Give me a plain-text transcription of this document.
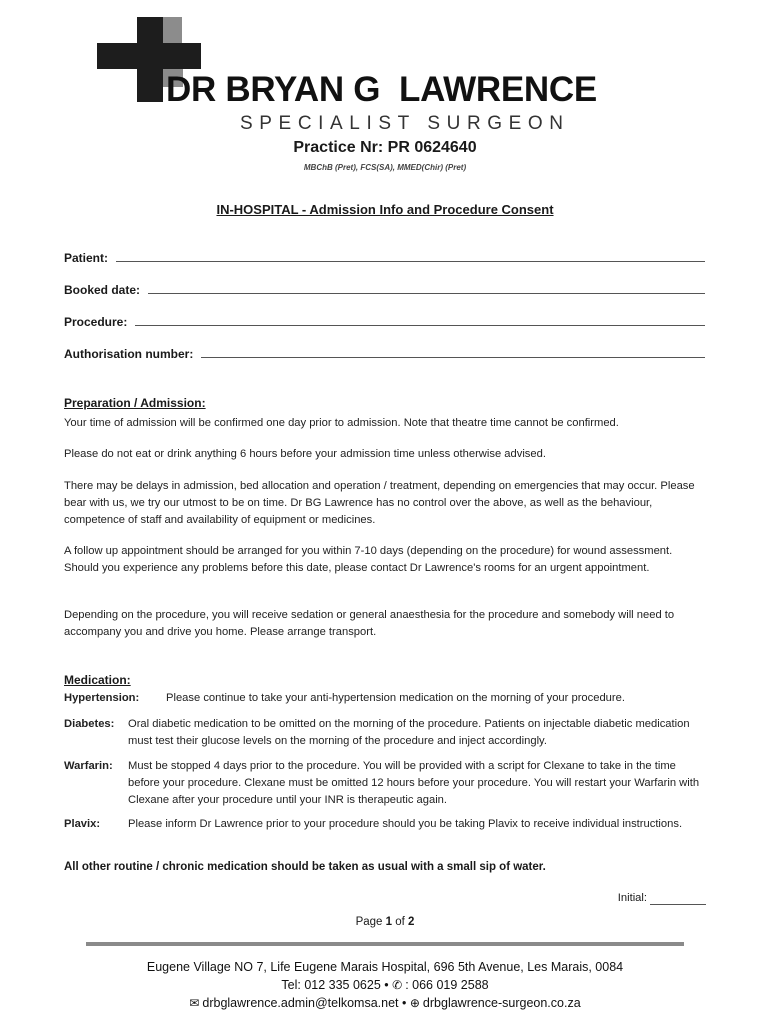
DR BRYAN G  LAWRENCE
SPECIALIST SURGEON
Practice Nr: PR 0624640
MBChB (Pret), FCS(SA), MMED(Chir) (Pret)
IN-HOSPITAL - Admission Info and Procedure Consent
Patient:
Booked date:
Procedure:
Authorisation number:
Preparation / Admission:
Your time of admission will be confirmed one day prior to admission. Note that theatre time cannot be confirmed.
Please do not eat or drink anything 6 hours before your admission time unless otherwise advised.
There may be delays in admission, bed allocation and operation / treatment, depending on emergencies that may occur. Please bear with us, we try our utmost to be on time. Dr BG Lawrence has no control over the above, as well as the behaviour, competence of staff and availability of equipment or medicines.
A follow up appointment should be arranged for you within 7-10 days (depending on the procedure) for wound assessment. Should you experience any problems before this date, please contact Dr Lawrence's rooms for an urgent appointment.
Depending on the procedure, you will receive sedation or general anaesthesia for the procedure and somebody will need to accompany you and drive you home. Please arrange transport.
Medication:
Hypertension:	Please continue to take your anti-hypertension medication on the morning of your procedure.
Diabetes:	Oral diabetic medication to be omitted on the morning of the procedure. Patients on injectable diabetic medication must test their glucose levels on the morning of the procedure and inject accordingly.
Warfarin:	Must be stopped 4 days prior to the procedure. You will be provided with a script for Clexane to take in the time before your procedure. Clexane must be omitted 12 hours before your procedure. You will restart your Warfarin with Clexane after your procedure until your INR is therapeutic again.
Plavix:	Please inform Dr Lawrence prior to your procedure should you be taking Plavix to receive individual instructions.
All other routine / chronic medication should be taken as usual with a small sip of water.
Initial:
Page 1 of 2
Eugene Village NO 7, Life Eugene Marais Hospital, 696 5th Avenue, Les Marais, 0084
Tel: 012 335 0625 • ✆ : 066 019 2588
✉ drbglawrence.admin@telkomsa.net • ⊕ drbglawrence-surgeon.co.za
